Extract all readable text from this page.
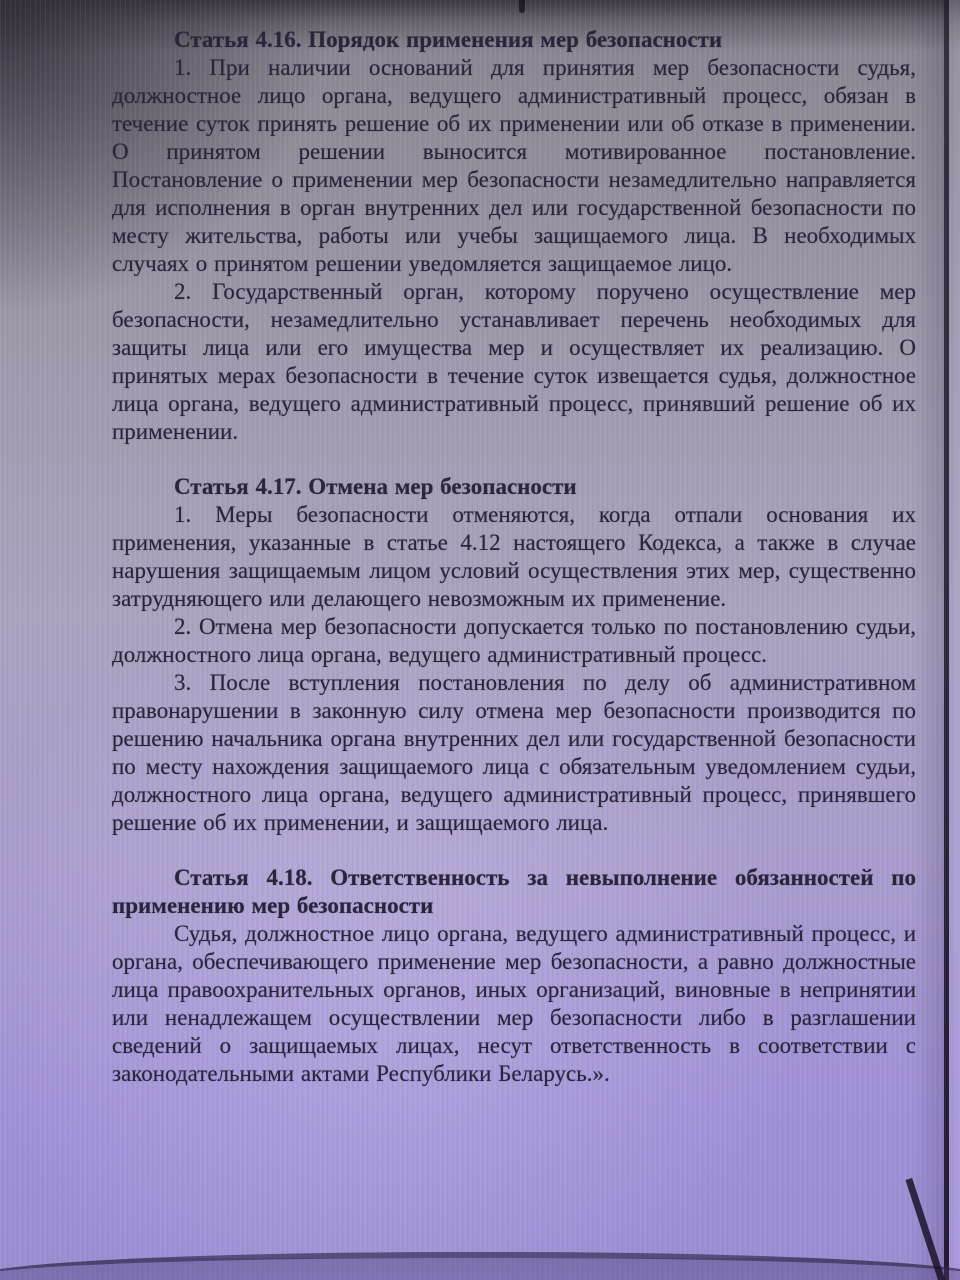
Статья 4.16. Порядок применения мер безопасности

1. При наличии оснований для принятия мер безопасности судья, должностное лицо органа, ведущего административный процесс, обязан в течение суток принять решение об их применении или об отказе в применении. О принятом решении выносится мотивированное постановление. Постановление о применении мер безопасности незамедлительно направляется для исполнения в орган внутренних дел или государственной безопасности по месту жительства, работы или учебы защищаемого лица. В необходимых случаях о принятом решении уведомляется защищаемое лицо.

2. Государственный орган, которому поручено осуществление мер безопасности, незамедлительно устанавливает перечень необходимых для защиты лица или его имущества мер и осуществляет их реализацию. О принятых мерах безопасности в течение суток извещается судья, должностное лица органа, ведущего административный процесс, принявший решение об их применении.

Статья 4.17. Отмена мер безопасности

1. Меры безопасности отменяются, когда отпали основания их применения, указанные в статье 4.12 настоящего Кодекса, а также в случае нарушения защищаемым лицом условий осуществления этих мер, существенно затрудняющего или делающего невозможным их применение.

2. Отмена мер безопасности допускается только по постановлению судьи, должностного лица органа, ведущего административный процесс.

3. После вступления постановления по делу об административном правонарушении в законную силу отмена мер безопасности производится по решению начальника органа внутренних дел или государственной безопасности по месту нахождения защищаемого лица с обязательным уведомлением судьи, должностного лица органа, ведущего административный процесс, принявшего решение об их применении, и защищаемого лица.

Статья 4.18. Ответственность за невыполнение обязанностей по применению мер безопасности

Судья, должностное лицо органа, ведущего административный процесс, и органа, обеспечивающего применение мер безопасности, а равно должностные лица правоохранительных органов, иных организаций, виновные в непринятии или ненадлежащем осуществлении мер безопасности либо в разглашении сведений о защищаемых лицах, несут ответственность в соответствии с законодательными актами Республики Беларусь.».
